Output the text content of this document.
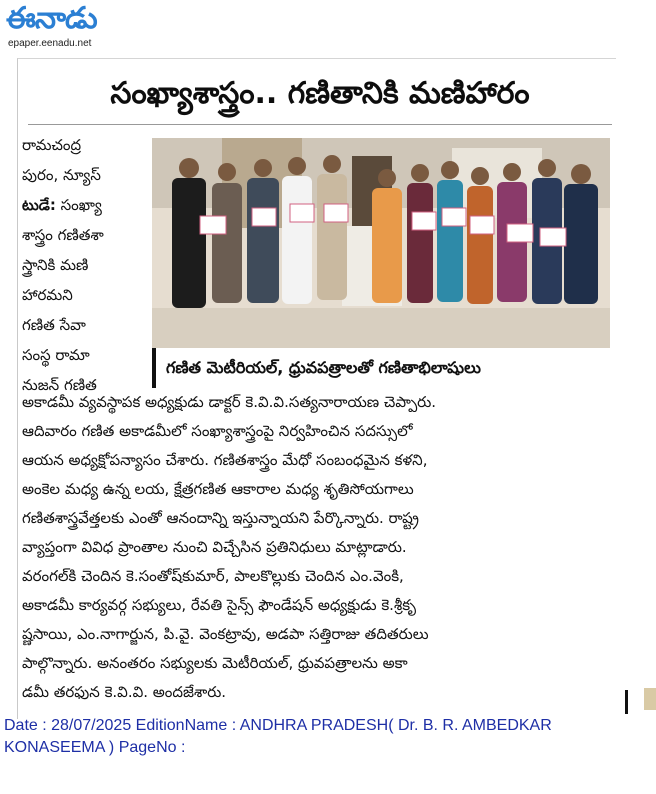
ఈనాడు
epaper.eenadu.net
సంఖ్యాశాస్త్రం.. గణితానికి మణిహారం
రామచంద్ర
పురం, న్యూస్
టుడే: సంఖ్యా
శాస్త్రం గణితశా
స్త్రానికి మణి
హారమని
గణిత సేవా
సంస్థ రామా
నుజన్ గణిత
గణిత మెటీరియల్, ధ్రువపత్రాలతో గణితాభిలాషులు

అకాడమీ వ్యవస్థాపక అధ్యక్షుడు డాక్టర్ కె.వి.వి.సత్యనారాయణ చెప్పారు.

ఆదివారం గణిత అకాడమీలో సంఖ్యాశాస్త్రంపై నిర్వహించిన సదస్సులో

ఆయన అధ్యక్షోపన్యాసం చేశారు. గణితశాస్త్రం మేధో సంబంధమైన కళని,

అంకెల మధ్య ఉన్న లయ, క్షేత్రగణిత ఆకారాల మధ్య శృతిసోయగాలు

గణితశాస్త్రవేత్తలకు ఎంతో ఆనందాన్ని ఇస్తున్నాయని పేర్కొన్నారు. రాష్ట్ర

వ్యాప్తంగా వివిధ ప్రాంతాల నుంచి విచ్చేసిన ప్రతినిధులు మాట్లాడారు.

వరంగల్‌కి చెందిన కె.సంతోష్‌కుమార్, పాలకొల్లుకు చెందిన ఎం.వెంకి,

అకాడమీ కార్యవర్గ సభ్యులు, రేవతి సైన్స్ ఫౌండేషన్ అధ్యక్షుడు కె.శ్రీకృ

ష్ణసాయి, ఎం.నాగార్జున, పి.వై. వెంకట్రావు, అడపా సత్తిరాజు తదితరులు

పాల్గొన్నారు. అనంతరం సభ్యులకు మెటీరియల్, ధ్రువపత్రాలను అకా

డమీ తరఫున కె.వి.వి. అందజేశారు.

Date : 28/07/2025 EditionName : ANDHRA PRADESH( Dr. B. R. AMBEDKAR
KONASEEMA ) PageNo :
